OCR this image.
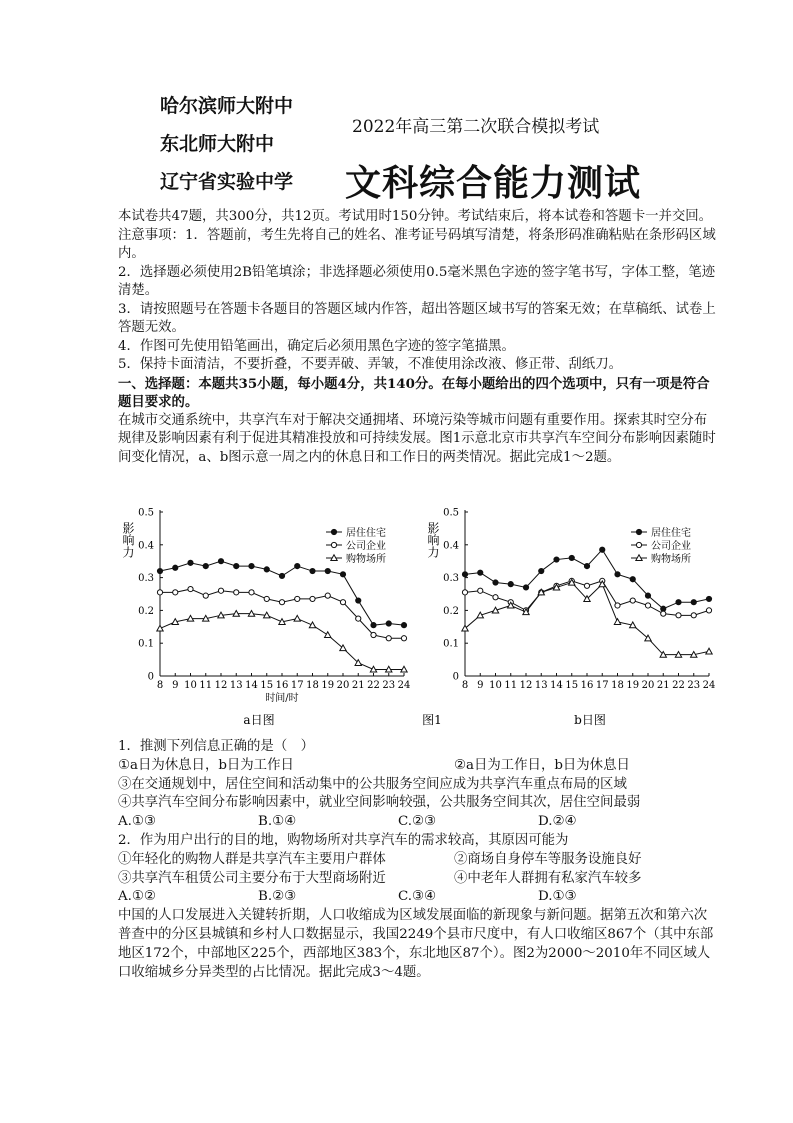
哈尔滨师大附中
东北师大附中
辽宁省实验中学
2022年高三第二次联合模拟考试
文科综合能力测试

本试卷共47题，共300分，共12页。考试用时150分钟。考试结束后，将本试卷和答题卡一并交回。

注意事项：1．答题前，考生先将自己的姓名、准考证号码填写清楚，将条形码准确粘贴在条形码区域内。

2．选择题必须使用2B铅笔填涂；非选择题必须使用0.5毫米黑色字迹的签字笔书写，字体工整，笔迹清楚。

3．请按照题号在答题卡各题目的答题区域内作答，超出答题区域书写的答案无效；在草稿纸、试卷上答题无效。

4．作图可先使用铅笔画出，确定后必须用黑色字迹的签字笔描黑。

5．保持卡面清洁，不要折叠，不要弄破、弄皱，不准使用涂改液、修正带、刮纸刀。

一、选择题：本题共35小题，每小题4分，共140分。在每小题给出的四个选项中，只有一项是符合题目要求的。

在城市交通系统中，共享汽车对于解决交通拥堵、环境污染等城市问题有重要作用。探索其时空分布规律及影响因素有利于促进其精准投放和可持续发展。图1示意北京市共享汽车空间分布影响因素随时间变化情况，a、b图示意一周之内的休息日和工作日的两类情况。据此完成1～2题。

0
0.1
0.2
0.3
0.4
0.5
影响力
8 9 10 11 12 13 14 15 16 17 18 19 20 21 22 23 24
时间/时
居住住宅
公司企业
购物场所
0
0.1
0.2
0.3
0.4
0.5
影响力
8 9 10 11 12 13 14 15 16 17 18 19 20 21 22 23 24
居住住宅
公司企业
购物场所
a日图	图1	b日图

1．推测下列信息正确的是（　）

①a日为休息日，b日为工作日	②a日为工作日，b日为休息日

③在交通规划中，居住空间和活动集中的公共服务空间应成为共享汽车重点布局的区域

④共享汽车空间分布影响因素中，就业空间影响较强，公共服务空间其次，居住空间最弱

A.①③	B.①④	C.②③	D.②④

2．作为用户出行的目的地，购物场所对共享汽车的需求较高，其原因可能为

①年轻化的购物人群是共享汽车主要用户群体	②商场自身停车等服务设施良好
③共享汽车租赁公司主要分布于大型商场附近	④中老年人群拥有私家汽车较多
A.①②	B.②③	C.③④	D.①③

中国的人口发展进入关键转折期，人口收缩成为区域发展面临的新现象与新问题。据第五次和第六次普查中的分区县城镇和乡村人口数据显示，我国2249个县市尺度中，有人口收缩区867个（其中东部地区172个，中部地区225个，西部地区383个，东北地区87个）。图2为2000～2010年不同区域人口收缩城乡分异类型的占比情况。据此完成3～4题。
